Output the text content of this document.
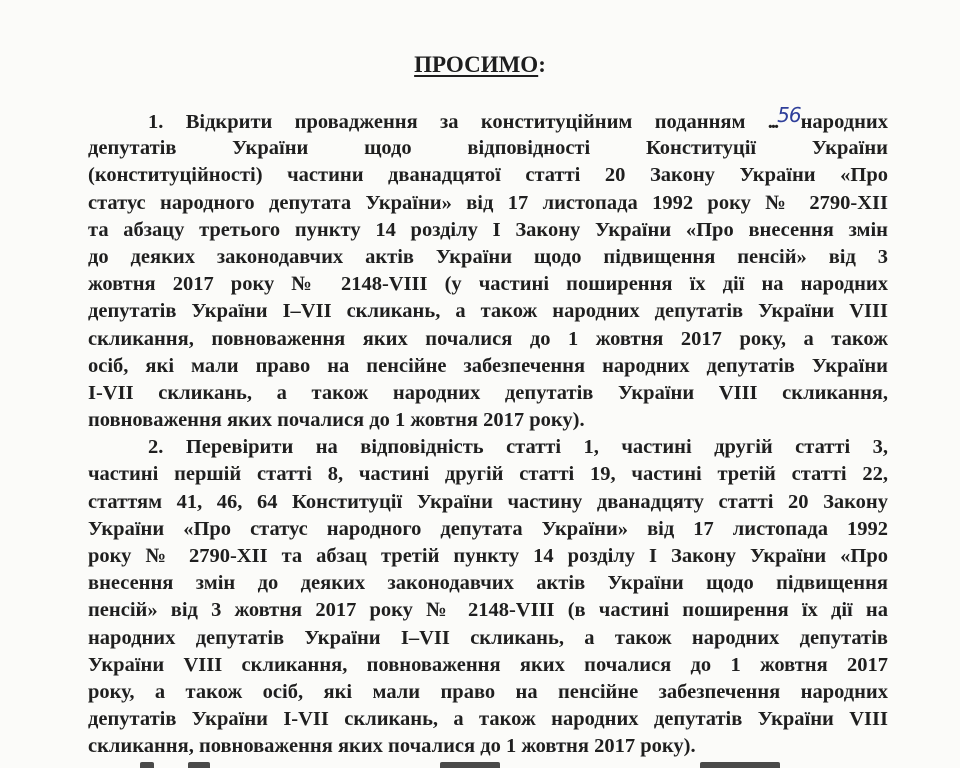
ПРОСИМО:
1. Відкрити провадження за конституційним поданням ...56народних
депутатів України щодо відповідності Конституції України
(конституційності) частини дванадцятої статті 20 Закону України «Про
статус народного депутата України» від 17 листопада 1992 року № 2790-XII
та абзацу третього пункту 14 розділу I Закону України «Про внесення змін
до деяких законодавчих актів України щодо підвищення пенсій» від 3
жовтня 2017 року № 2148-VIII (у частині поширення їх дії на народних
депутатів України I–VII скликань, а також народних депутатів України VIII
скликання, повноваження яких почалися до 1 жовтня 2017 року, а також
осіб, які мали право на пенсійне забезпечення народних депутатів України
I-VII скликань, а також народних депутатів України VIII скликання,
повноваження яких почалися до 1 жовтня 2017 року).
2. Перевірити на відповідність статті 1, частині другій статті 3,
частині першій статті 8, частині другій статті 19, частині третій статті 22,
статтям 41, 46, 64 Конституції України частину дванадцяту статті 20 Закону
України «Про статус народного депутата України» від 17 листопада 1992
року № 2790-XII та абзац третій пункту 14 розділу I Закону України «Про
внесення змін до деяких законодавчих актів України щодо підвищення
пенсій» від 3 жовтня 2017 року № 2148-VIII (в частині поширення їх дії на
народних депутатів України I–VII скликань, а також народних депутатів
України VIII скликання, повноваження яких почалися до 1 жовтня 2017
року, а також осіб, які мали право на пенсійне забезпечення народних
депутатів України I-VII скликань, а також народних депутатів України VIII
скликання, повноваження яких почалися до 1 жовтня 2017 року).
